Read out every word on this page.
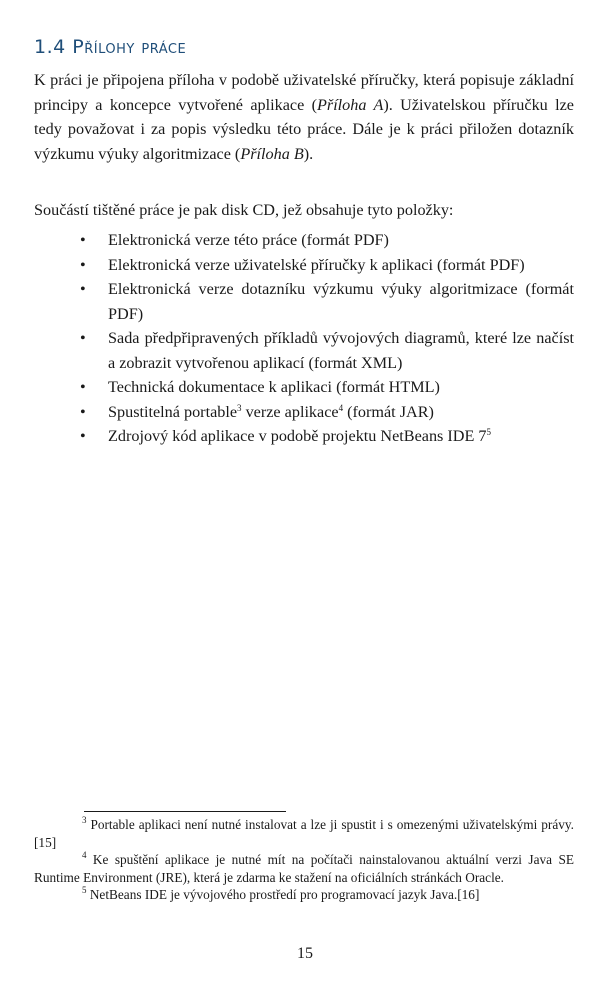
1.4 Přílohy práce

K práci je připojena příloha v podobě uživatelské příručky, která popisuje základní principy a koncepce vytvořené aplikace (Příloha A). Uživatelskou příručku lze tedy považovat i za popis výsledku této práce. Dále je k práci přiložen dotazník výzkumu výuky algoritmizace (Příloha B).

Součástí tištěné práce je pak disk CD, jež obsahuje tyto položky:

• Elektronická verze této práce (formát PDF)
• Elektronická verze uživatelské příručky k aplikaci (formát PDF)
• Elektronická verze dotazníku výzkumu výuky algoritmizace (formát PDF)
• Sada předpřipravených příkladů vývojových diagramů, které lze načíst a zobrazit vytvořenou aplikací (formát XML)
• Technická dokumentace k aplikaci (formát HTML)
• Spustitelná portable$^3$ verze aplikace$^4$ (formát JAR)
• Zdrojový kód aplikace v podobě projektu NetBeans IDE $7^5$

$^3$ Portable aplikaci není nutné instalovat a lze ji spustit i s omezenými uživatelskými právy.[15]

$^4$ Ke spuštění aplikace je nutné mít na počítači nainstalovanou aktuální verzi Java SE Runtime Environment (JRE), která je zdarma ke stažení na oficiálních stránkách Oracle.

$^5$ NetBeans IDE je vývojového prostředí pro programovací jazyk Java.[16]

15
